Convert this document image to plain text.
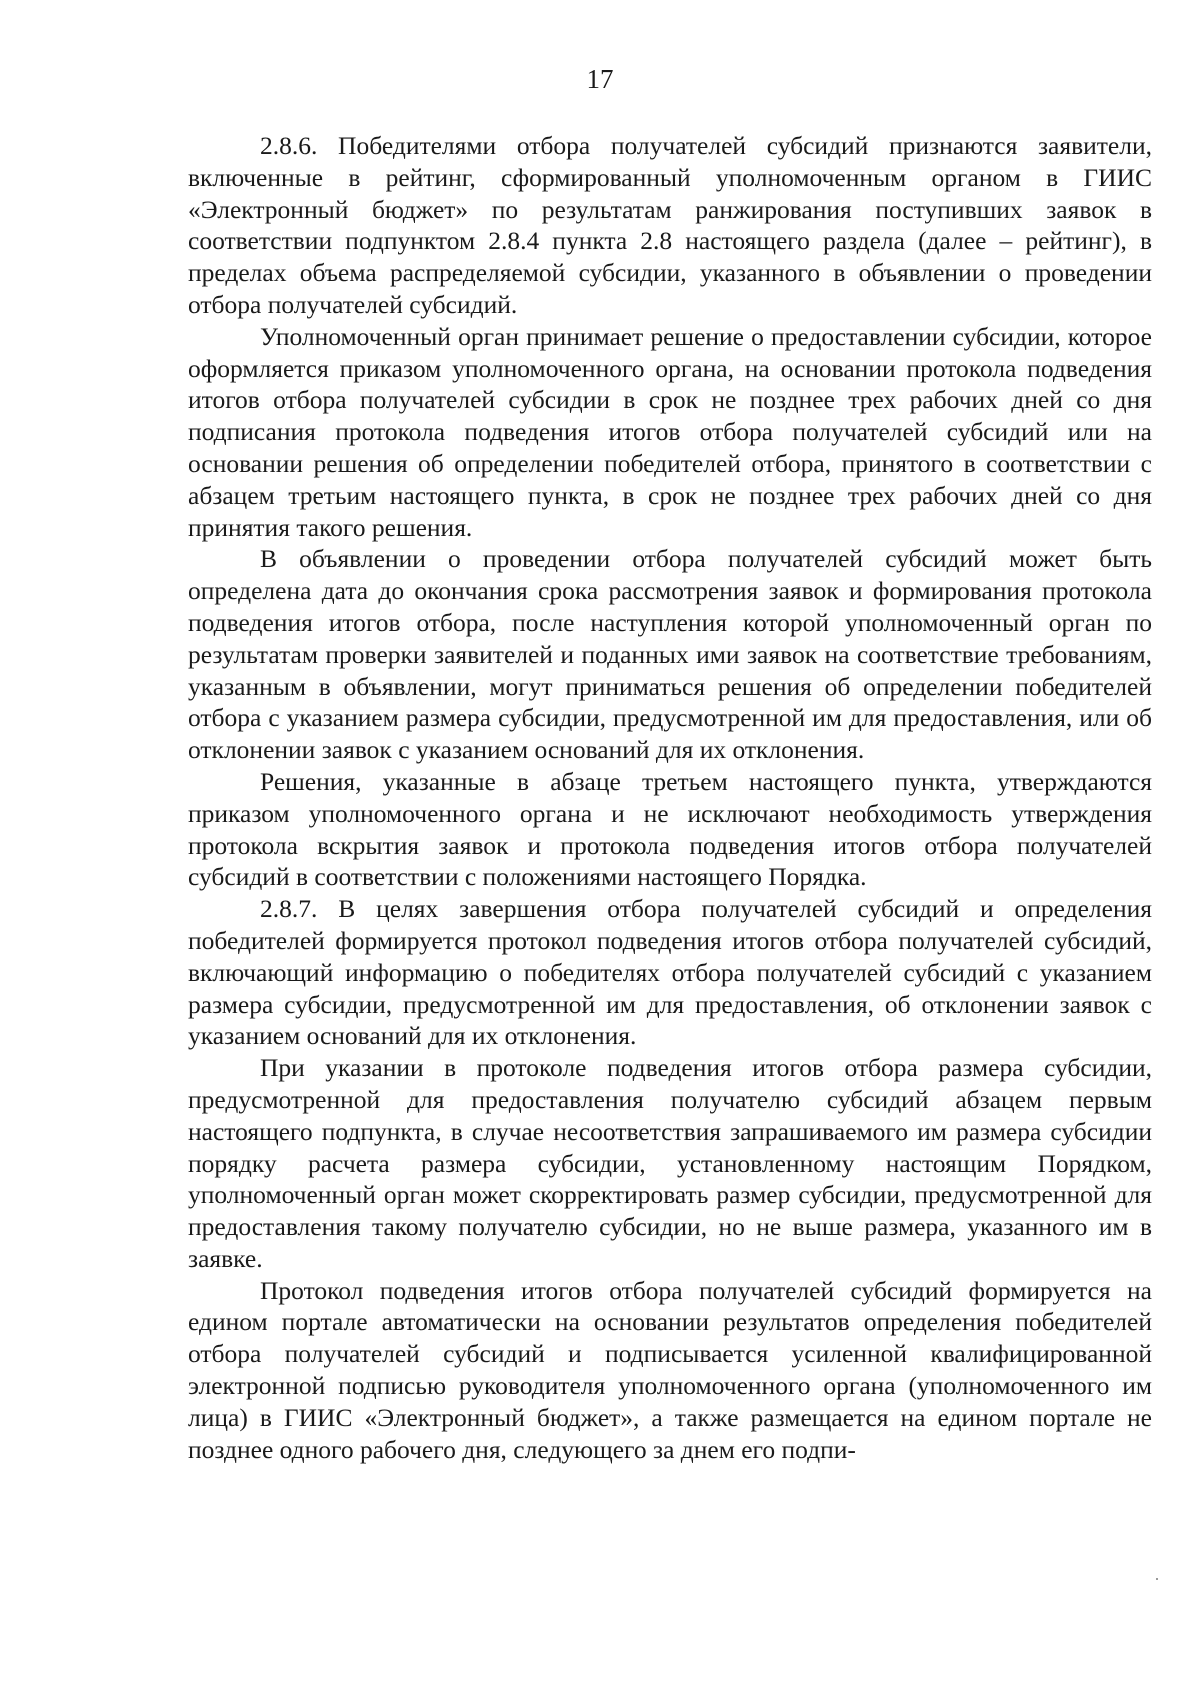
17

2.8.6. Победителями отбора получателей субсидий признаются заявители, включенные в рейтинг, сформированный уполномоченным органом в ГИИС «Электронный бюджет» по результатам ранжирования поступивших заявок в соответствии подпунктом 2.8.4 пункта 2.8 настоящего раздела (далее – рейтинг), в пределах объема распределяемой субсидии, указанного в объявлении о проведении отбора получателей субсидий.

Уполномоченный орган принимает решение о предоставлении субсидии, которое оформляется приказом уполномоченного органа, на основании протокола подведения итогов отбора получателей субсидии в срок не позднее трех рабочих дней со дня подписания протокола подведения итогов отбора получателей субсидий или на основании решения об определении победителей отбора, принятого в соответствии с абзацем третьим настоящего пункта, в срок не позднее трех рабочих дней со дня принятия такого решения.

В объявлении о проведении отбора получателей субсидий может быть определена дата до окончания срока рассмотрения заявок и формирования протокола подведения итогов отбора, после наступления которой уполномоченный орган по результатам проверки заявителей и поданных ими заявок на соответствие требованиям, указанным в объявлении, могут приниматься решения об определении победителей отбора с указанием размера субсидии, предусмотренной им для предоставления, или об отклонении заявок с указанием оснований для их отклонения.

Решения, указанные в абзаце третьем настоящего пункта, утверждаются приказом уполномоченного органа и не исключают необходимость утверждения протокола вскрытия заявок и протокола подведения итогов отбора получателей субсидий в соответствии с положениями настоящего Порядка.

2.8.7. В целях завершения отбора получателей субсидий и определения победителей формируется протокол подведения итогов отбора получателей субсидий, включающий информацию о победителях отбора получателей субсидий с указанием размера субсидии, предусмотренной им для предоставления, об отклонении заявок с указанием оснований для их отклонения.

При указании в протоколе подведения итогов отбора размера субсидии, предусмотренной для предоставления получателю субсидий абзацем первым настоящего подпункта, в случае несоответствия запрашиваемого им размера субсидии порядку расчета размера субсидии, установленному настоящим Порядком, уполномоченный орган может скорректировать размер субсидии, предусмотренной для предоставления такому получателю субсидии, но не выше размера, указанного им в заявке.

Протокол подведения итогов отбора получателей субсидий формируется на едином портале автоматически на основании результатов определения победителей отбора получателей субсидий и подписывается усиленной квалифицированной электронной подписью руководителя уполномоченного органа (уполномоченного им лица) в ГИИС «Электронный бюджет», а также размещается на едином портале не позднее одного рабочего дня, следующего за днем его подпи-
